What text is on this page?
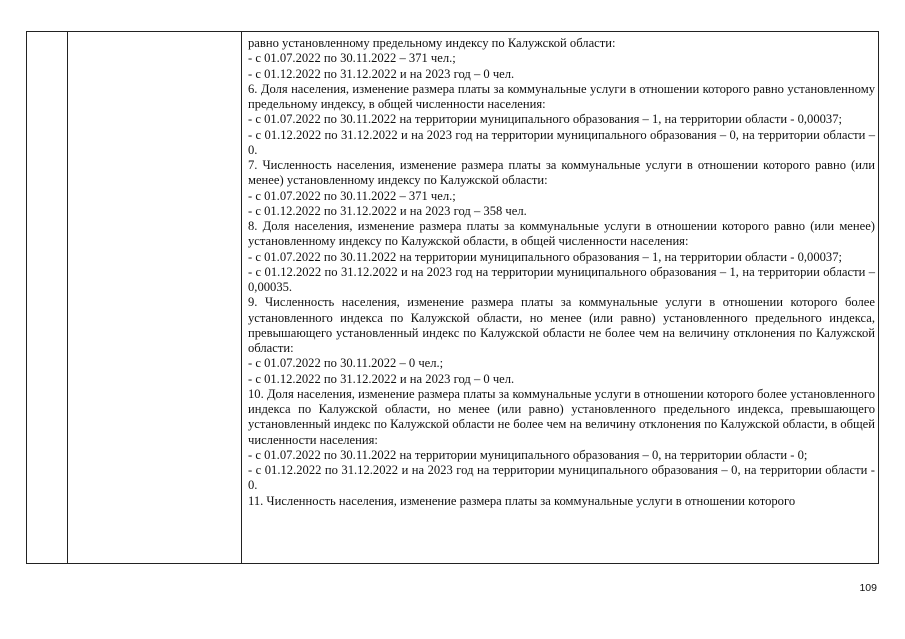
равно установленному предельному индексу по Калужской области:

- с 01.07.2022 по 30.11.2022 – 371 чел.;

- с 01.12.2022 по 31.12.2022 и на 2023 год – 0 чел.

6. Доля населения, изменение размера платы за коммунальные услуги в отношении которого равно установленному предельному индексу, в общей численности населения:

- с 01.07.2022 по 30.11.2022 на территории муниципального образования – 1, на территории области - 0,00037;

- с 01.12.2022 по 31.12.2022 и на 2023 год на территории муниципального образования – 0, на территории области – 0.

7. Численность населения, изменение размера платы за коммунальные услуги в отношении которого равно (или менее) установленному индексу по Калужской области:

- с 01.07.2022 по 30.11.2022 – 371 чел.;

- с 01.12.2022 по 31.12.2022 и на 2023 год – 358 чел.

8. Доля населения, изменение размера платы за коммунальные услуги в отношении которого равно (или менее) установленному индексу по Калужской области, в общей численности населения:

- с 01.07.2022 по 30.11.2022 на территории муниципального образования – 1, на территории области - 0,00037;

- с 01.12.2022 по 31.12.2022 и на 2023 год на территории муниципального образования – 1, на территории области – 0,00035.

9. Численность населения, изменение размера платы за коммунальные услуги в отношении которого более установленного индекса по Калужской области, но менее (или равно) установленного предельного индекса, превышающего установленный индекс по Калужской области не более чем на величину отклонения по Калужской области:

- с 01.07.2022 по 30.11.2022 – 0 чел.;

- с 01.12.2022 по 31.12.2022 и на 2023 год – 0 чел.

10. Доля населения, изменение размера платы за коммунальные услуги в отношении которого более установленного индекса по Калужской области, но менее (или равно) установленного предельного индекса, превышающего установленный индекс по Калужской области не более чем на величину отклонения по Калужской области, в общей численности населения:

- с 01.07.2022 по 30.11.2022 на территории муниципального образования – 0, на территории области - 0;

- с 01.12.2022 по 31.12.2022 и на 2023 год на территории муниципального образования – 0, на территории области - 0.

11. Численность населения, изменение размера платы за коммунальные услуги в отношении которого

109
